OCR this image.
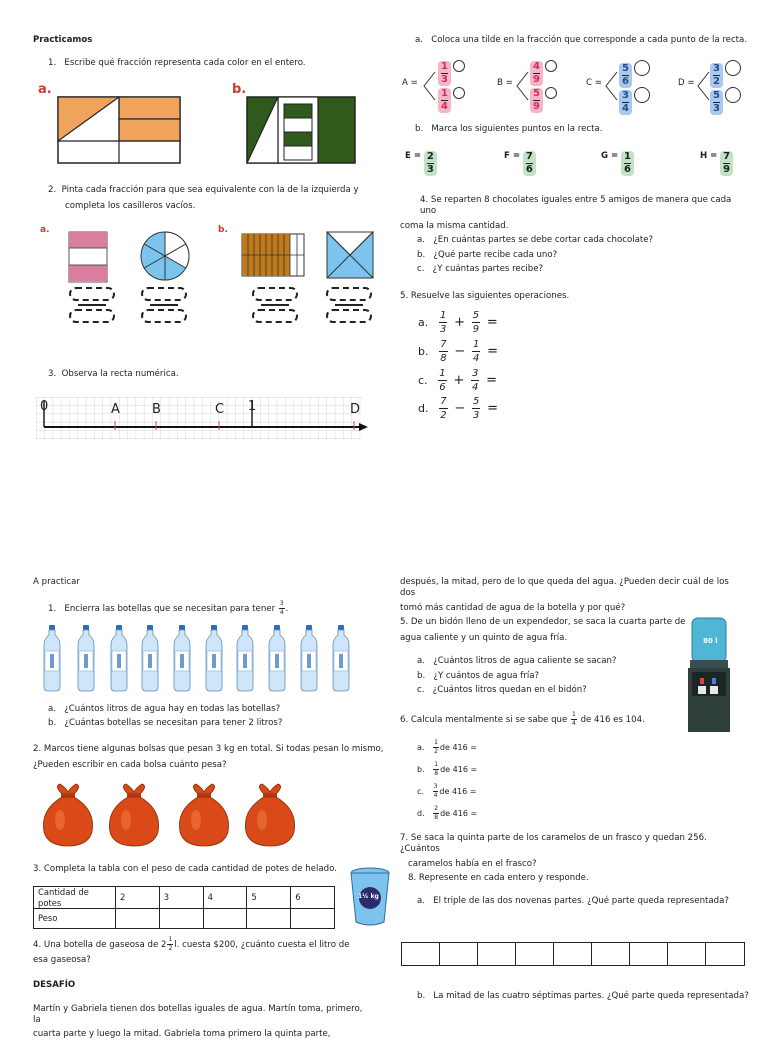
Practicamos
1. Escribe qué fracción representa cada color en el entero.
a.	b.
2. Pinta cada fracción para que sea equivalente con la de la izquierda y
completa los casilleros vacíos.
a.	b.
3. Observa la recta numérica.
0	A B	C 1	D
a. Coloca una tilde en la fracción que corresponde a cada punto de la recta.
A =	B =	C =	D =
$\frac{1}{3}$
$\frac{1}{4}$
$\frac{4}{9}$
$\frac{5}{9}$
$\frac{5}{6}$
$\frac{3}{4}$
$\frac{3}{2}$
$\frac{5}{3}$
b. Marca los siguientes puntos en la recta.
$E = \frac{2}{3}$	$F = \frac{7}{6}$	$G = \frac{1}{6}$	$H = \frac{7}{9}$
4. Se reparten 8 chocolates iguales entre 5 amigos de manera que cada uno
coma la misma cantidad.
a. ¿En cuántas partes se debe cortar cada chocolate?
b. ¿Qué parte recibe cada uno?
c. ¿Y cuántas partes recibe?
5. Resuelve las siguientes operaciones.
a. $\frac{1}{3} + \frac{5}{9}$ =
b. $\frac{7}{8} - \frac{1}{4}$ =
c. $\frac{1}{6} + \frac{3}{4}$ =
d. $\frac{7}{2} - \frac{5}{3}$ =
A practicar
1. Encierra las botellas que se necesitan para tener $\frac{3}{4}$ .
a. ¿Cuántos litros de agua hay en todas las botellas?
b. ¿Cuántas botellas se necesitan para tener 2 litros?
2. Marcos tiene algunas bolsas que pesan 3 kg en total. Si todas pesan lo mismo,
¿Pueden escribir en cada bolsa cuánto pesa?
3. Completa la tabla con el peso de cada cantidad de potes de helado.
Cantidad de potes	2	3	4	5	6
Peso					
1¼ kg
4. Una botella de gaseosa de $2 \frac{1}{2} l$. cuesta $200, ¿cuánto cuesta el litro de
esa gaseosa?
DESAFÍO
Martín y Gabriela tienen dos botellas iguales de agua. Martín toma, primero, la
cuarta parte y luego la mitad. Gabriela toma primero la quinta parte,
después, la mitad, pero de lo que queda del agua. ¿Pueden decir cuál de los dos
tomó más cantidad de agua de la botella y por qué?
5. De un bidón lleno de un expendedor, se saca la cuarta parte de
agua caliente y un quinto de agua fría.
a. ¿Cuántos litros de agua caliente se sacan?
b. ¿Y cuántos de agua fría?
c. ¿Cuántos litros quedan en el bidón?
80 l
6. Calcula mentalmente si se sabe que $\frac{1}{4}$ de 416 es 104.
a. $\frac{1}{2}$ de 416 =
b. $\frac{1}{8}$ de 416 =
c. $\frac{3}{4}$ de 416 =
d. $\frac{2}{8}$ de 416 =
7. Se saca la quinta parte de los caramelos de un frasco y quedan 256. ¿Cuántos
caramelos había en el frasco?
8. Represente en cada entero y responde.
a. El triple de las dos novenas partes. ¿Qué parte queda representada?
b. La mitad de las cuatro séptimas partes. ¿Qué parte queda representada?
